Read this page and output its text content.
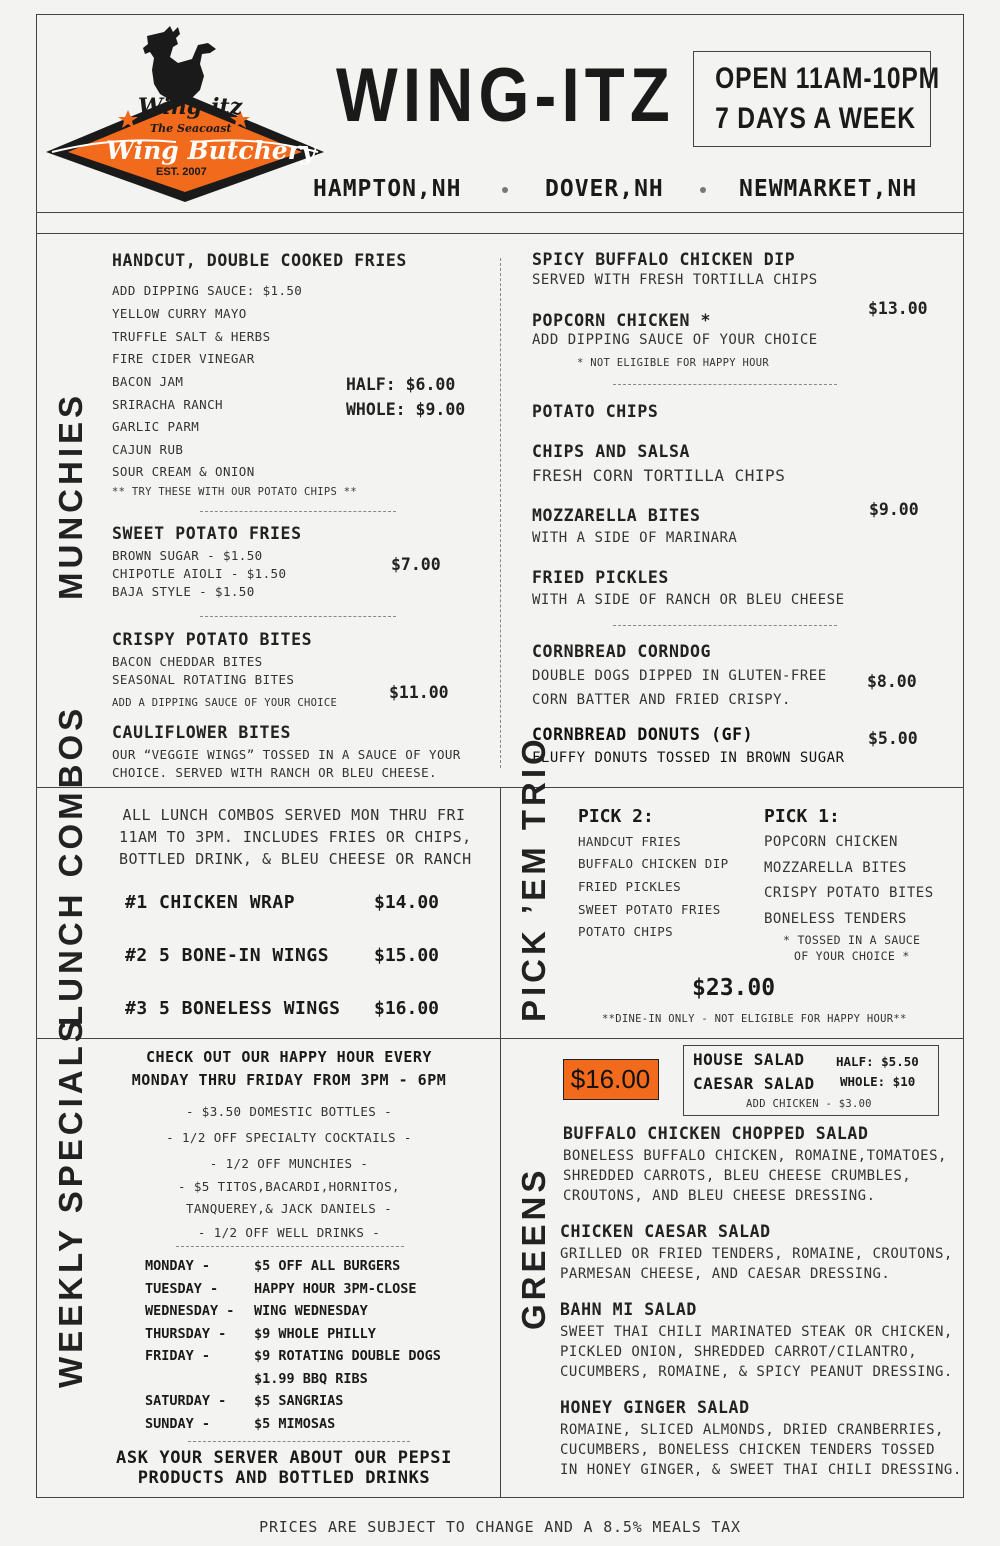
Wing-itz
The Seacoast
Wing Butchery
EST. 2007
WING-ITZ OPEN 11AM-10PM
7 DAYS A WEEK
HAMPTON,NH	DOVER,NH	NEWMARKET,NH
MUNCHIES
HANDCUT, DOUBLE COOKED FRIES
ADD DIPPING SAUCE: $1.50
YELLOW CURRY MAYO
TRUFFLE SALT & HERBS
FIRE CIDER VINEGAR
BACON JAM
SRIRACHA RANCH
GARLIC PARM
CAJUN RUB
SOUR CREAM & ONION
** TRY THESE WITH OUR POTATO CHIPS **
HALF: $6.00
WHOLE: $9.00
SWEET POTATO FRIES
BROWN SUGAR - $1.50
CHIPOTLE AIOLI - $1.50
BAJA STYLE - $1.50
$7.00
CRISPY POTATO BITES
BACON CHEDDAR BITES
SEASONAL ROTATING BITES
ADD A DIPPING SAUCE OF YOUR CHOICE
$11.00
CAULIFLOWER BITES
OUR “VEGGIE WINGS” TOSSED IN A SAUCE OF YOUR
CHOICE. SERVED WITH RANCH OR BLEU CHEESE.
SPICY BUFFALO CHICKEN DIP
SERVED WITH FRESH TORTILLA CHIPS
$13.00
POPCORN CHICKEN *
ADD DIPPING SAUCE OF YOUR CHOICE
* NOT ELIGIBLE FOR HAPPY HOUR
POTATO CHIPS
CHIPS AND SALSA
FRESH CORN TORTILLA CHIPS
MOZZARELLA BITES
WITH A SIDE OF MARINARA
$9.00
FRIED PICKLES
WITH A SIDE OF RANCH OR BLEU CHEESE
CORNBREAD CORNDOG
DOUBLE DOGS DIPPED IN GLUTEN-FREE
CORN BATTER AND FRIED CRISPY.
$8.00
CORNBREAD DONUTS (GF)
FLUFFY DONUTS TOSSED IN BROWN SUGAR
$5.00
LUNCH COMBOS ALL LUNCH COMBOS SERVED MON THRU FRI
11AM TO 3PM. INCLUDES FRIES OR CHIPS,
BOTTLED DRINK, & BLEU CHEESE OR RANCH
#1 CHICKEN WRAP	$14.00
#2 5 BONE-IN WINGS $15.00
#3 5 BONELESS WINGS $16.00 PICK ’EM TRIO PICK 2:
HANDCUT FRIES
BUFFALO CHICKEN DIP
FRIED PICKLES
SWEET POTATO FRIES
POTATO CHIPS
PICK 1:
POPCORN CHICKEN
MOZZARELLA BITES
CRISPY POTATO BITES
BONELESS TENDERS
* TOSSED IN A SAUCE
OF YOUR CHOICE *
$23.00
**DINE-IN ONLY - NOT ELIGIBLE FOR HAPPY HOUR**
WEEKLY SPECIALS	CHECK OUT OUR HAPPY HOUR EVERY
MONDAY THRU FRIDAY FROM 3PM - 6PM
- $3.50 DOMESTIC BOTTLES -
- 1/2 OFF SPECIALTY COCKTAILS -
- 1/2 OFF MUNCHIES -
- $5 TITOS,BACARDI,HORNITOS,
TANQUEREY,& JACK DANIELS -
- 1/2 OFF WELL DRINKS -
MONDAY -	$5 OFF ALL BURGERS
TUESDAY -	HAPPY HOUR 3PM-CLOSE
WEDNESDAY - WING WEDNESDAY
THURSDAY - $9 WHOLE PHILLY
FRIDAY -	$9 ROTATING DOUBLE DOGS
$1.99 BBQ RIBS
SATURDAY - $5 SANGRIAS
SUNDAY -	$5 MIMOSAS
ASK YOUR SERVER ABOUT OUR PEPSI
PRODUCTS AND BOTTLED DRINKS
GREENS
$16.00
HOUSE SALAD
CAESAR SALAD
HALF: $5.50
WHOLE: $10
ADD CHICKEN - $3.00
BUFFALO CHICKEN CHOPPED SALAD
BONELESS BUFFALO CHICKEN, ROMAINE,TOMATOES,
SHREDDED CARROTS, BLEU CHEESE CRUMBLES,
CROUTONS, AND BLEU CHEESE DRESSING.
CHICKEN CAESAR SALAD
GRILLED OR FRIED TENDERS, ROMAINE, CROUTONS,
PARMESAN CHEESE, AND CAESAR DRESSING.
BAHN MI SALAD
SWEET THAI CHILI MARINATED STEAK OR CHICKEN,
PICKLED ONION, SHREDDED CARROT/CILANTRO,
CUCUMBERS, ROMAINE, & SPICY PEANUT DRESSING.
HONEY GINGER SALAD
ROMAINE, SLICED ALMONDS, DRIED CRANBERRIES,
CUCUMBERS, BONELESS CHICKEN TENDERS TOSSED
IN HONEY GINGER, & SWEET THAI CHILI DRESSING.
PRICES ARE SUBJECT TO CHANGE AND A 8.5% MEALS TAX
